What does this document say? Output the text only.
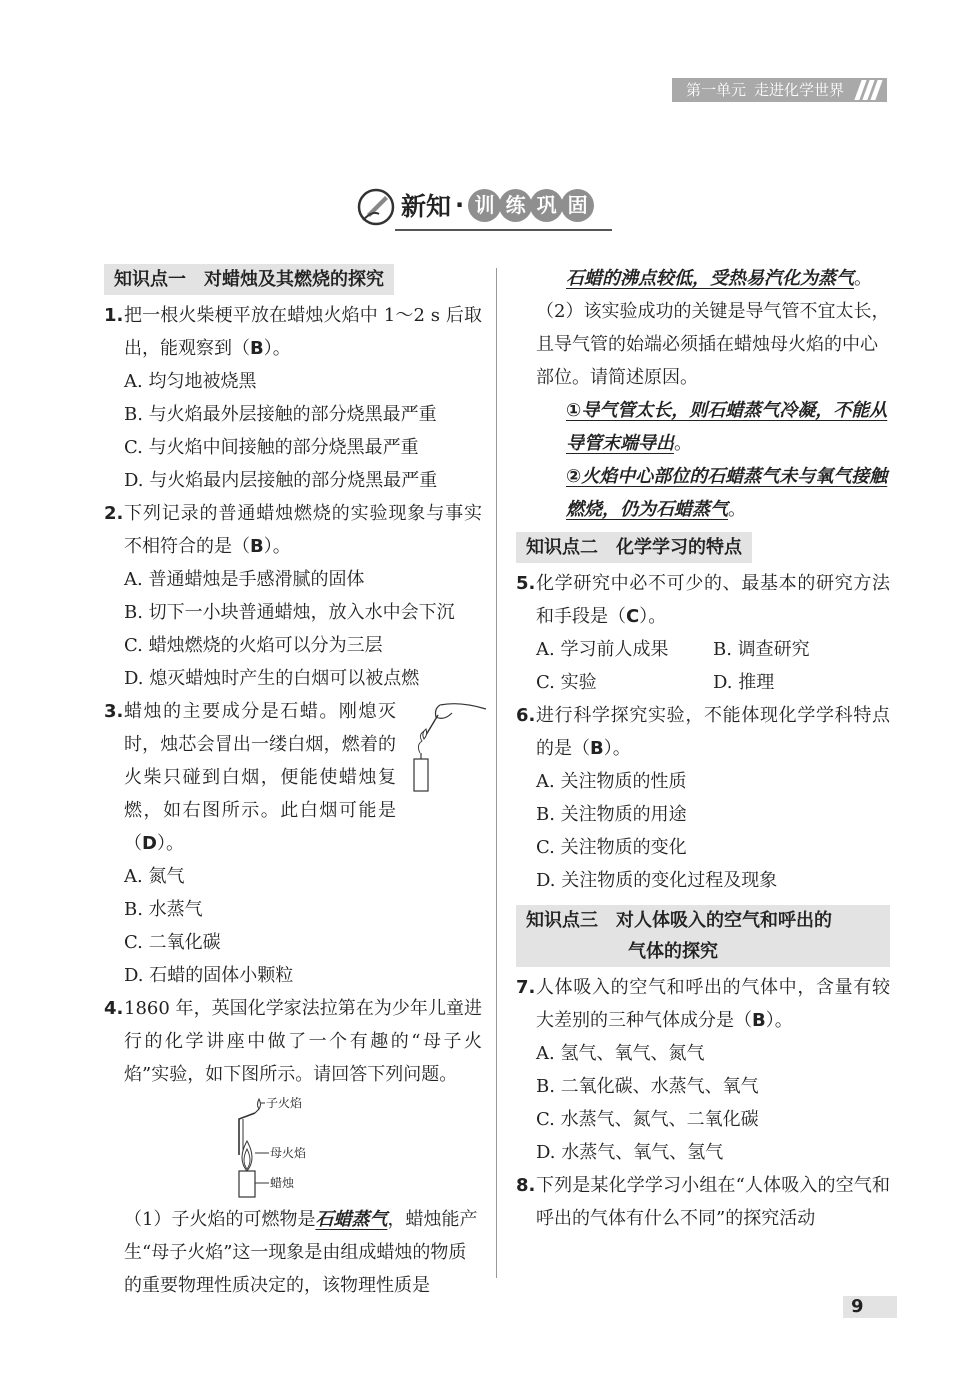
第一单元 走进化学世界
新知 · 训 练 巩 固
知识点一　对蜡烛及其燃烧的探究
1. 把一根火柴梗平放在蜡烛火焰中 1～2 s 后取出，能观察到（B）。
A. 均匀地被烧黑
B. 与火焰最外层接触的部分烧黑最严重
C. 与火焰中间接触的部分烧黑最严重
D. 与火焰最内层接触的部分烧黑最严重
2. 下列记录的普通蜡烛燃烧的实验现象与事实不相符合的是（B）。
A. 普通蜡烛是手感滑腻的固体
B. 切下一小块普通蜡烛，放入水中会下沉
C. 蜡烛燃烧的火焰可以分为三层
D. 熄灭蜡烛时产生的白烟可以被点燃
3. 蜡烛的主要成分是石蜡。刚熄灭时，烛芯会冒出一缕白烟，燃着的火柴只碰到白烟，便能使蜡烛复燃，如右图所示。此白烟可能是（D）。
A. 氮气
B. 水蒸气
C. 二氧化碳
D. 石蜡的固体小颗粒
4. 1860 年，英国化学家法拉第在为少年儿童进行的化学讲座中做了一个有趣的“母子火焰”实验，如下图所示。请回答下列问题。
子火焰
母火焰
蜡烛
（1）子火焰的可燃物是石蜡蒸气，蜡烛能产生“母子火焰”这一现象是由组成蜡烛的物质的重要物理性质决定的，该物理性质是
石蜡的沸点较低，受热易汽化为蒸气。
（2）该实验成功的关键是导气管不宜太长，且导气管的始端必须插在蜡烛母火焰的中心部位。请简述原因。
①导气管太长，则石蜡蒸气冷凝，不能从导管末端导出。
②火焰中心部位的石蜡蒸气未与氧气接触燃烧，仍为石蜡蒸气。
知识点二　化学学习的特点
5. 化学研究中必不可少的、最基本的研究方法和手段是（C）。
A. 学习前人成果	B. 调查研究
C. 实验	D. 推理
6. 进行科学探究实验，不能体现化学学科特点的是（B）。
A. 关注物质的性质
B. 关注物质的用途
C. 关注物质的变化
D. 关注物质的变化过程及现象
知识点三　对人体吸入的空气和呼出的
气体的探究
7. 人体吸入的空气和呼出的气体中，含量有较大差别的三种气体成分是（B）。
A. 氢气、氧气、氮气
B. 二氧化碳、水蒸气、氧气
C. 水蒸气、氮气、二氧化碳
D. 水蒸气、氧气、氢气
8. 下列是某化学学习小组在“人体吸入的空气和呼出的气体有什么不同”的探究活动
9
